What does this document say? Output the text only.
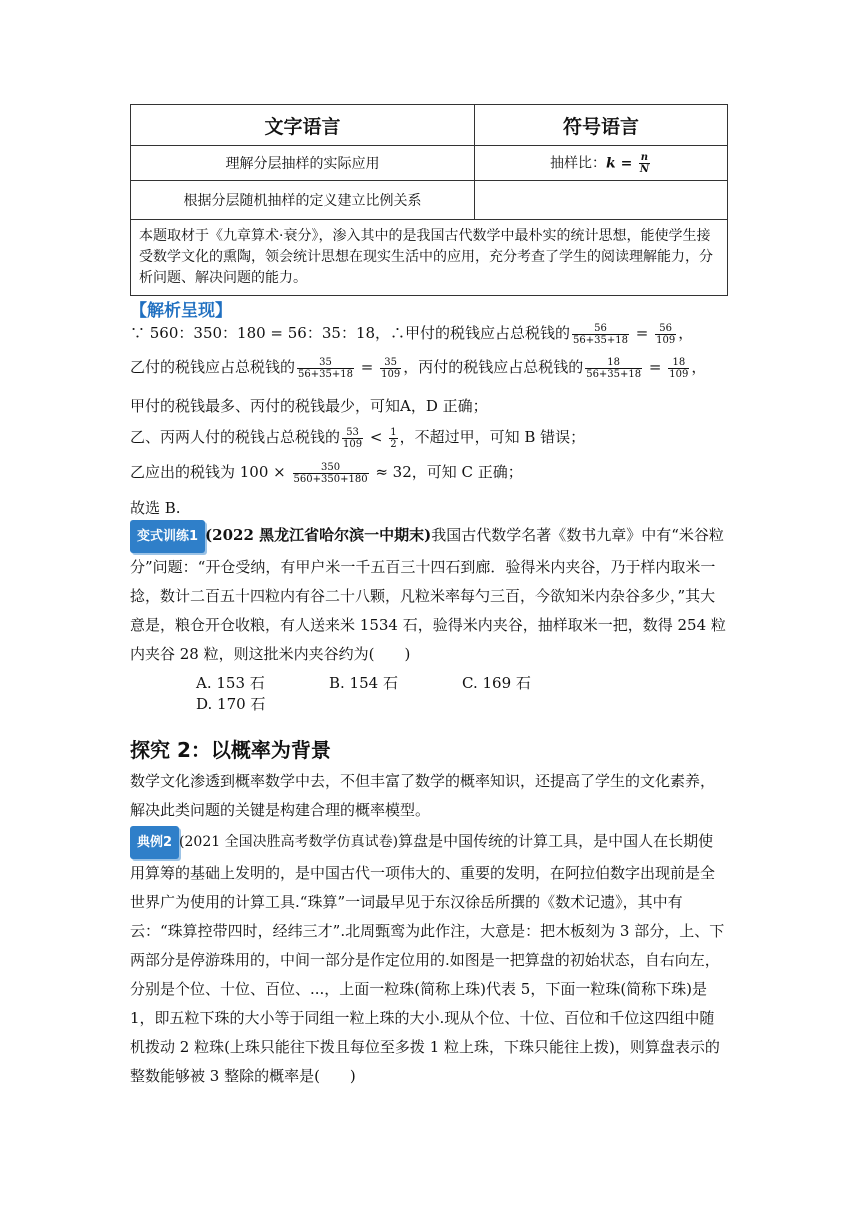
文字语言	符号语言
理解分层抽样的实际应用	抽样比：$k = \frac{n}{N}$

根据分层随机抽样的定义建立比例关系	
本题取材于《九章算术·衰分》，渗入其中的是我国古代数学中最朴实的统计思想，能使学生接受数学文化的熏陶，领会统计思想在现实生活中的应用，充分考查了学生的阅读理解能力，分析问题、解决问题的能力。	
【解析呈现】
∵ 560：350：180 = 56：35：18，∴甲付的税钱应占总税钱的 $\frac{56}{56+35+18} = \frac{56}{109}$ ，
乙付的税钱应占总税钱的 $\frac{35}{56+35+18} = \frac{35}{109}$ ，丙付的税钱应占总税钱的 $\frac{18}{56+35+18} = \frac{18}{109}$ ，
甲付的税钱最多、丙付的税钱最少，可知A，D 正确；
乙、丙两人付的税钱占总税钱的 $\frac{53}{109} < \frac{1}{2}$ ，不超过甲，可知 B 错误；
乙应出的税钱为 $100 \times \frac{350}{560+350+180} \approx 32$，可知 C 正确；
故选 B.
变式训练1 (2022 黑龙江省哈尔滨一中期末)我国古代数学名著《数书九章》中有“米谷粒分”问题：“开仓受纳，有甲户米一千五百三十四石到廊．验得米内夹谷，乃于样内取米一捻，数计二百五十四粒内有谷二十八颗，凡粒米率每勺三百，今欲知米内杂谷多少，”其大意是，粮仓开仓收粮，有人送来米 1534 石，验得米内夹谷，抽样取米一把，数得 254 粒内夹谷 28 粒，则这批米内夹谷约为(　　)
A. 153 石	B. 154 石	C. 169 石D. 170 石
探究 2：以概率为背景
数学文化渗透到概率数学中去，不但丰富了数学的概率知识，还提高了学生的文化素养，解决此类问题的关键是构建合理的概率模型。
典例2 (2021 全国决胜高考数学仿真试卷)算盘是中国传统的计算工具，是中国人在长期使用算筹的基础上发明的，是中国古代一项伟大的、重要的发明，在阿拉伯数字出现前是全世界广为使用的计算工具.“珠算”一词最早见于东汉徐岳所撰的《数术记遗》，其中有云：“珠算控带四时，经纬三才”.北周甄鸾为此作注，大意是：把木板刻为 3 部分，上、下两部分是停游珠用的，中间一部分是作定位用的.如图是一把算盘的初始状态，自右向左，分别是个位、十位、百位、...，上面一粒珠(简称上珠)代表 5，下面一粒珠(简称下珠)是 1，即五粒下珠的大小等于同组一粒上珠的大小.现从个位、十位、百位和千位这四组中随机拨动 2 粒珠(上珠只能往下拨且每位至多拨 1 粒上珠，下珠只能往上拨)，则算盘表示的整数能够被 3 整除的概率是(　　)
